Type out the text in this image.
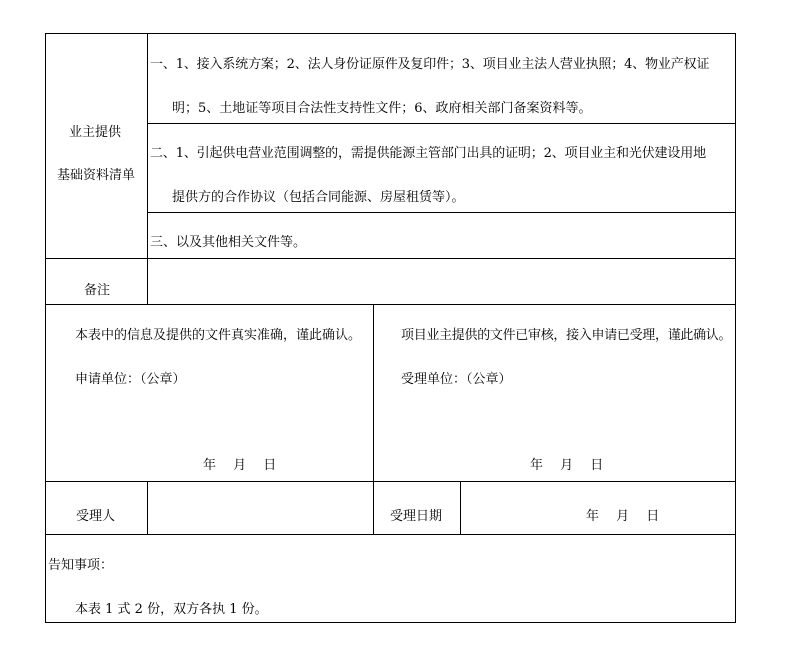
业主提供
基础资料清单
一、1、接入系统方案；2、法人身份证原件及复印件；3、项目业主法人营业执照；4、物业产权证
明；5、土地证等项目合法性支持性文件；6、政府相关部门备案资料等。
二、1、引起供电营业范围调整的，需提供能源主管部门出具的证明；2、项目业主和光伏建设用地
提供方的合作协议（包括合同能源、房屋租赁等）。
三、以及其他相关文件等。
备注
本表中的信息及提供的文件真实准确，谨此确认。
申请单位：（公章）
年　 月　 日
项目业主提供的文件已审核，接入申请已受理，谨此确认。
受理单位：（公章）
年　 月　 日
受理人	受理日期	年　 月　 日
告知事项：
本表 1 式 2 份，双方各执 1 份。
